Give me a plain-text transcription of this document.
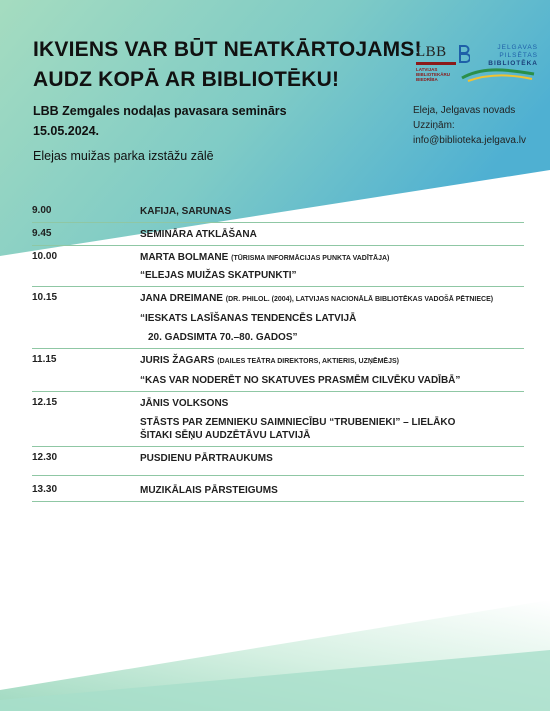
IKVIENS VAR BŪT NEATKĀRTOJAMS!
AUDZ KOPĀ AR BIBLIOTĒKU!
LBB
LATVIJAS
BIBLIOTEKĀRU
BIEDRĪBA
JELGAVAS
PILSĒTAS
BIBLIOTĒKA
LBB Zemgales nodaļas pavasara seminārs
15.05.2024.
Elejas muižas parka izstāžu zālē
Eleja, Jelgavas novads
Uzziņām:
info@biblioteka.jelgava.lv
9.00	KAFIJA, SARUNAS
9.45	SEMINĀRA ATKLĀŠANA
10.00	MARTA BOLMANE (TŪRISMA INFORMĀCIJAS PUNKTA VADĪTĀJA)
“ELEJAS MUIŽAS SKATPUNKTI”
10.15	JANA DREIMANE (DR. PHILOL. (2004), LATVIJAS NACIONĀLĀ BIBLIOTĒKAS VADOŠĀ PĒTNIECE)
“IESKATS LASĪŠANAS TENDENCĒS LATVIJĀ
20. GADSIMTA 70.–80. GADOS”
11.15	JURIS ŽAGARS (DAILES TEĀTRA DIREKTORS, AKTIERIS, UZŅĒMĒJS)
“KAS VAR NODERĒT NO SKATUVES PRASMĒM CILVĒKU VADĪBĀ”
12.15	JĀNIS VOLKSONS
STĀSTS PAR ZEMNIEKU SAIMNIECĪBU “TRUBENIEKI” – LIELĀKO
ŠITAKI SĒŅU AUDZĒTĀVU LATVIJĀ
12.30	PUSDIENU PĀRTRAUKUMS
13.30	MUZIKĀLAIS PĀRSTEIGUMS
